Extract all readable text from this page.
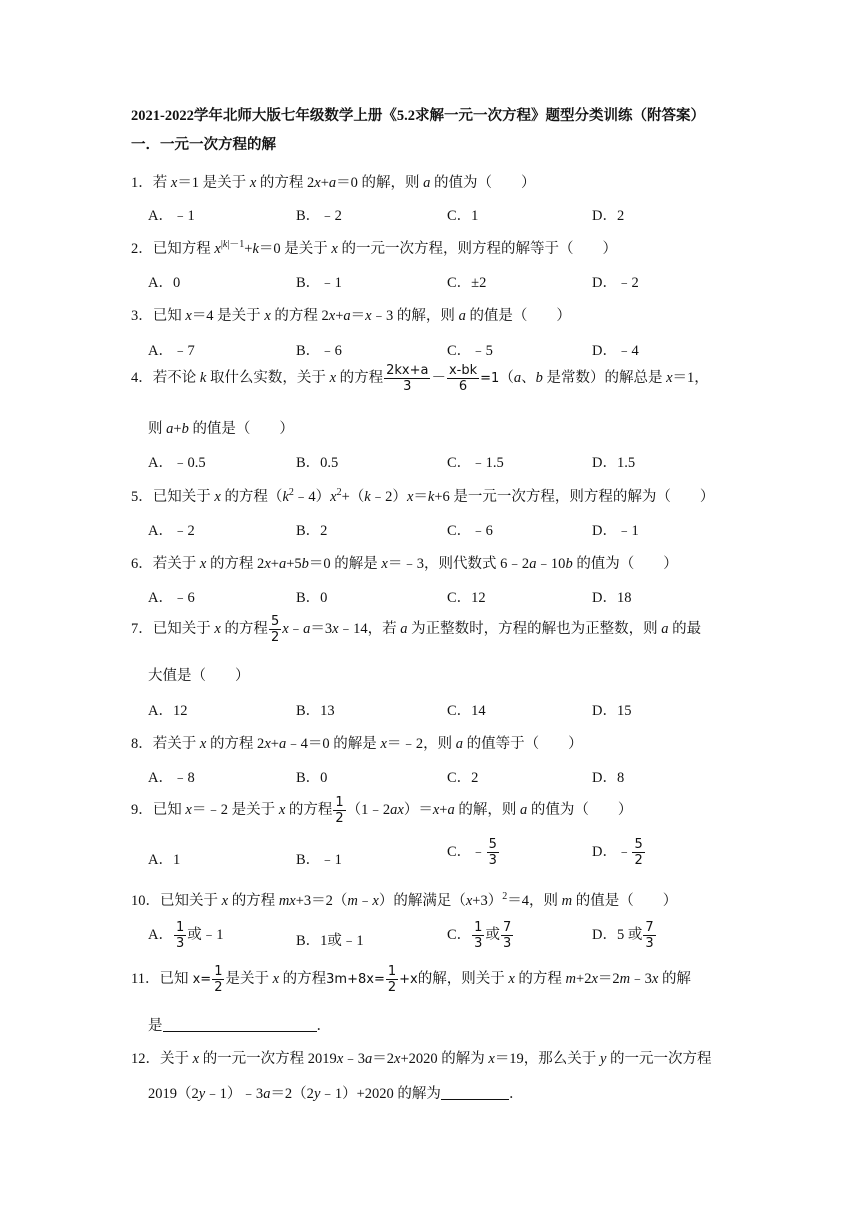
2021-2022学年北师大版七年级数学上册《5.2求解一元一次方程》题型分类训练（附答案）
一．一元一次方程的解
1．若 x＝1 是关于 x 的方程 2x+a＝0 的解，则 a 的值为（　　）
A．﹣1	B．﹣2	C．1	D．2
2．已知方程 $x^{|k|-1}+k=0$ 是关于 x 的一元一次方程，则方程的解等于（　　）
A．0	B．﹣1	C．±2	D．﹣2
3．已知 x＝4 是关于 x 的方程 2x+a＝x﹣3 的解，则 a 的值是（　　）
A．﹣7	B．﹣6	C．﹣5	D．﹣4
4．若不论 k 取什么实数，关于 x 的方程 $\frac{2kx+a}{3} - \frac{x-bk}{6} =1(a$、b 是常数）的解总是 x＝1，
则 a+b 的值是（　　）
A．﹣0.5	B．0.5	C．﹣1.5	D．1.5
5．已知关于 x 的方程$(k^2﹣4)x^2+(k﹣2)x=k+6$ 是一元一次方程，则方程的解为（　　）
A．﹣2	B．2	C．﹣6	D．﹣1
6．若关于 x 的方程 2x+a+5b＝0 的解是 x＝﹣3，则代数式 6﹣2a﹣10b 的值为（　　）
A．﹣6	B．0	C．12	D．18
7．已知关于 x 的方程 $\frac{5}{2}$ x﹣a＝3x﹣14，若 a 为正整数时，方程的解也为正整数，则 a 的最
大值是（　　）
A．12	B．13	C．14	D．15
8．若关于 x 的方程 2x+a﹣4＝0 的解是 x＝﹣2，则 a 的值等于（　　）
A．﹣8	B．0	C．2	D．8
9．已知 x＝﹣2 是关于 x 的方程 $\frac{1}{2}$ （1﹣2ax）＝x+a 的解，则 a 的值为（　　）
A．1	B．﹣1
C．﹣ $\frac{5}{3}$	D．﹣ $\frac{5}{2}$
10．已知关于 x 的方程 mx+3＝2（m﹣x）的解满足$(x+3)^2=4$，则 m 的值是（　　）
A． $\frac{1}{3}$ 或﹣1	B．1或﹣1	C． $\frac{1}{3}$ 或 $\frac{7}{3}$	D．5 或 $\frac{7}{3}$
11．已知 $x= \frac{1}{2}$ 是关于 x 的方程$3m+8x= \frac{1}{2} +x$的解，则关于 x 的方程 m+2x＝2m﹣3x 的解
是	．
12．关于 x 的一元一次方程 2019x﹣3a＝2x+2020 的解为 x＝19，那么关于 y 的一元一次方程
2019（2y﹣1）﹣3a＝2（2y﹣1）+2020 的解为	．
